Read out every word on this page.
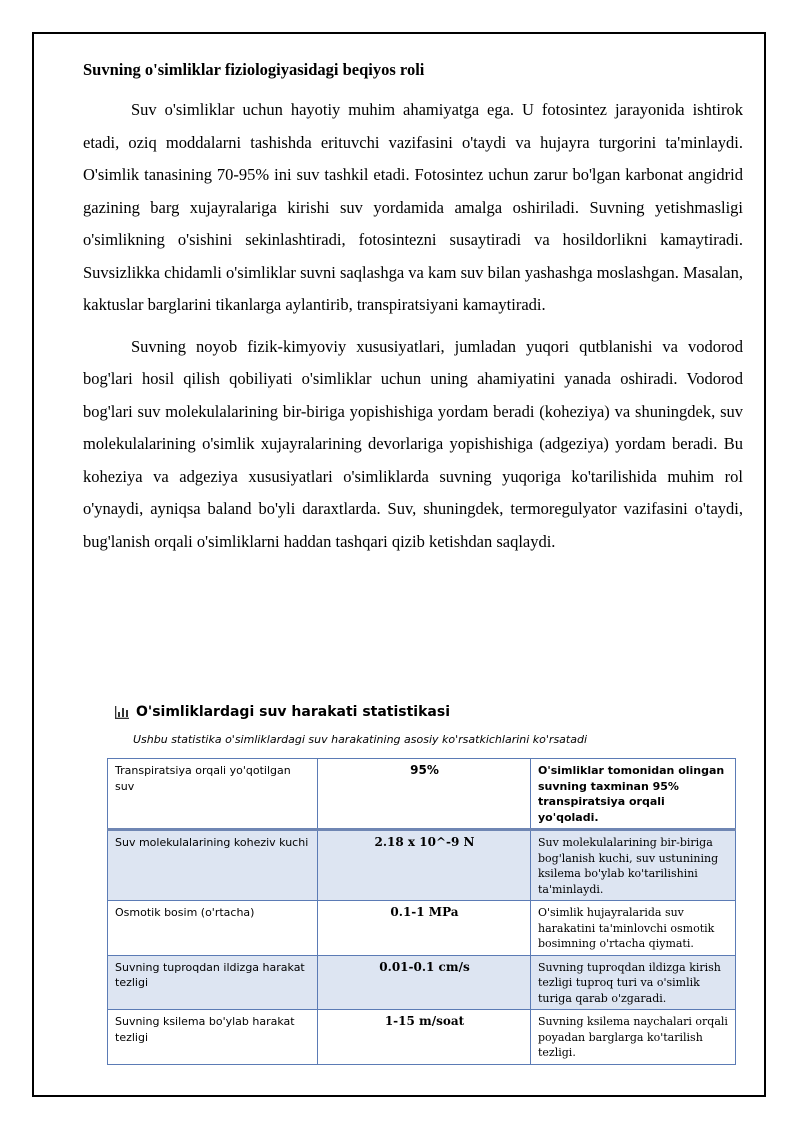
Suvning o'simliklar fiziologiyasidagi beqiyos roli

Suv o'simliklar uchun hayotiy muhim ahamiyatga ega. U fotosintez jarayonida ishtirok etadi, oziq moddalarni tashishda erituvchi vazifasini o'taydi va hujayra turgorini ta'minlaydi. O'simlik tanasining 70-95% ini suv tashkil etadi. Fotosintez uchun zarur bo'lgan karbonat angidrid gazining barg xujayralariga kirishi suv yordamida amalga oshiriladi. Suvning yetishmasligi o'simlikning o'sishini sekinlashtiradi, fotosintezni susaytiradi va hosildorlikni kamaytiradi. Suvsizlikka chidamli o'simliklar suvni saqlashga va kam suv bilan yashashga moslashgan. Masalan, kaktuslar barglarini tikanlarga aylantirib, transpiratsiyani kamaytiradi.

Suvning noyob fizik-kimyoviy xususiyatlari, jumladan yuqori qutblanishi va vodorod bog'lari hosil qilish qobiliyati o'simliklar uchun uning ahamiyatini yanada oshiradi. Vodorod bog'lari suv molekulalarining bir-biriga yopishishiga yordam beradi (koheziya) va shuningdek, suv molekulalarining o'simlik xujayralarining devorlariga yopishishiga (adgeziya) yordam beradi. Bu koheziya va adgeziya xususiyatlari o'simliklarda suvning yuqoriga ko'tarilishida muhim rol o'ynaydi, ayniqsa baland bo'yli daraxtlarda. Suv, shuningdek, termoregulyator vazifasini o'taydi, bug'lanish orqali o'simliklarni haddan tashqari qizib ketishdan saqlaydi.

O'simliklardagi suv harakati statistikasi
Ushbu statistika o'simliklardagi suv harakatining asosiy ko'rsatkichlarini ko'rsatadi
Transpiratsiya orqali yo'qotilgan suv	95%	O'simliklar tomonidan olingan suvning taxminan 95% transpiratsiya orqali yo'qoladi.
Suv molekulalarining koheziv kuchi	2.18 x 10^-9 N	Suv molekulalarining bir-biriga bog'lanish kuchi, suv ustunining ksilema bo'ylab ko'tarilishini ta'minlaydi.
Osmotik bosim (o'rtacha)	0.1-1 MPa	O'simlik hujayralarida suv harakatini ta'minlovchi osmotik bosimning o'rtacha qiymati.
Suvning tuproqdan ildizga harakat tezligi	0.01-0.1 cm/s	Suvning tuproqdan ildizga kirish tezligi tuproq turi va o'simlik turiga qarab o'zgaradi.
Suvning ksilema bo'ylab harakat tezligi	1-15 m/soat	Suvning ksilema naychalari orqali poyadan barglarga ko'tarilish tezligi.
